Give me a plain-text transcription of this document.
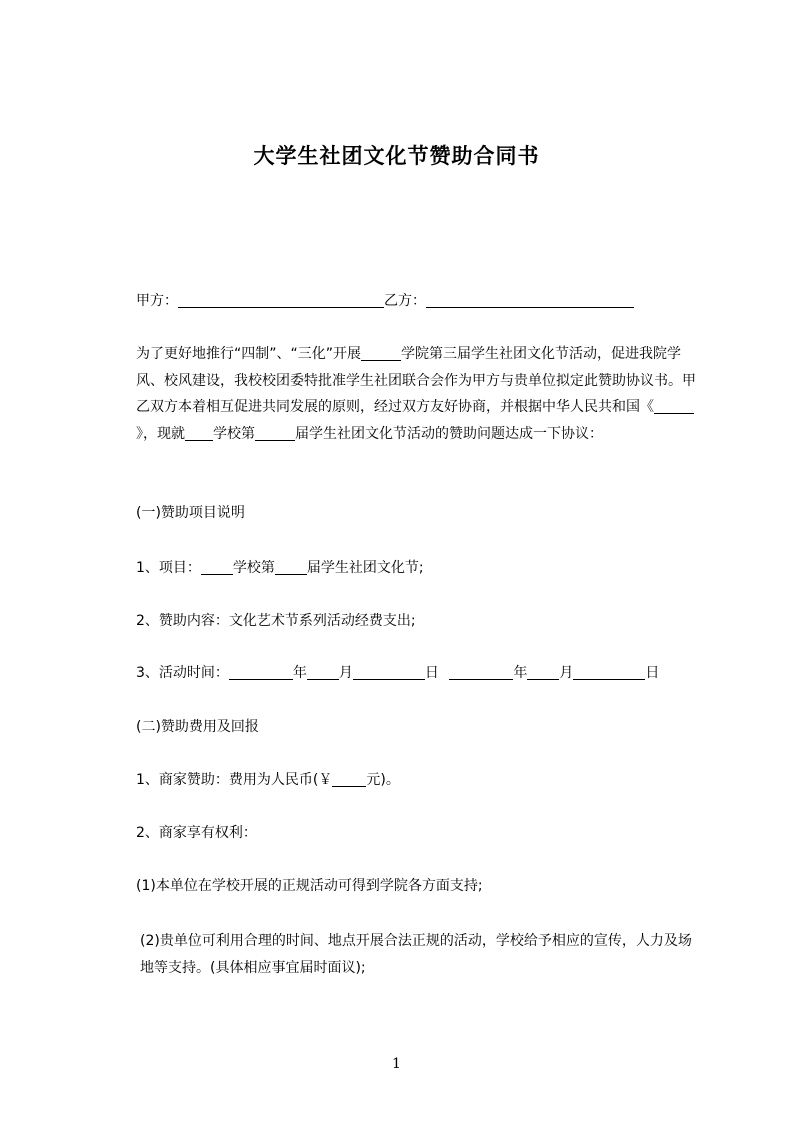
大学生社团文化节赞助合同书
甲方：	乙方：

为了更好地推行“四制”、“三化”开展	学院第三届学生社团文化节活动，促进我院学风、校风建设，我校校团委特批准学生社团联合会作为甲方与贵单位拟定此赞助协议书。甲乙双方本着相互促进共同发展的原则，经过双方友好协商，并根据中华人民共和国《》，现就 学校第	届学生社团文化节活动的赞助问题达成一下协议：

(一)赞助项目说明
1、项目： 学校第 届学生社团文化节;
2、赞助内容：文化艺术节系列活动经费支出;
3、活动时间：	年 月	日	年 月	日
(二)赞助费用及回报
1、商家赞助：费用为人民币(￥ 元)。
2、商家享有权利：
(1)本单位在学校开展的正规活动可得到学院各方面支持;

(2)贵单位可利用合理的时间、地点开展合法正规的活动，学校给予相应的宣传，人力及场地等支持。(具体相应事宜届时面议);

1
